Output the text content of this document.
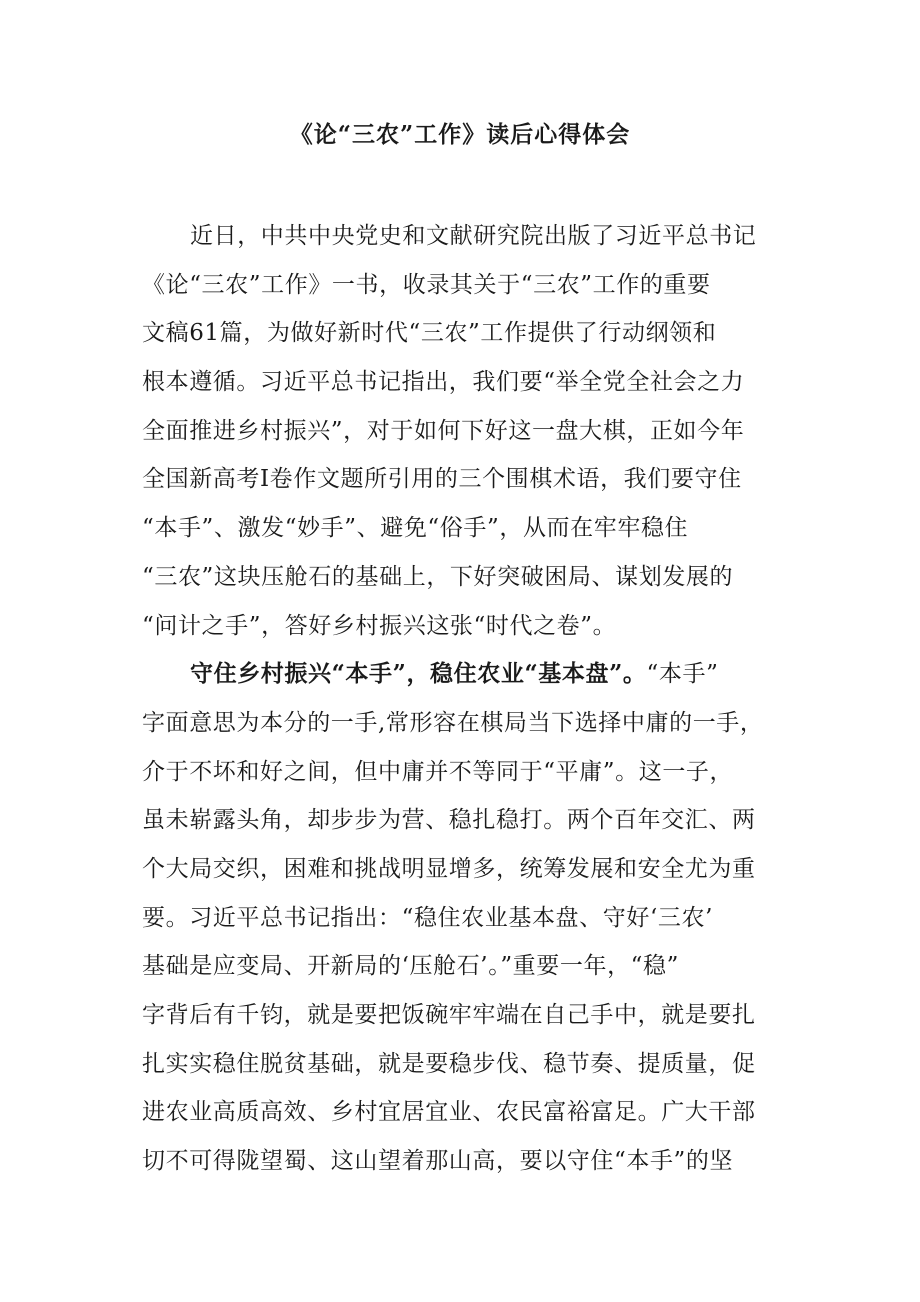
《论“三农”工作》读后心得体会
近日，中共中央党史和文献研究院出版了习近平总书记
《论“三农”工作》一书，收录其关于“三农”工作的重要
文稿61篇，为做好新时代“三农”工作提供了行动纲领和
根本遵循。习近平总书记指出，我们要“举全党全社会之力
全面推进乡村振兴”，对于如何下好这一盘大棋，正如今年
全国新高考Ⅰ卷作文题所引用的三个围棋术语，我们要守住
“本手”、激发“妙手”、避免“俗手”，从而在牢牢稳住
“三农”这块压舱石的基础上，下好突破困局、谋划发展的
“问计之手”，答好乡村振兴这张“时代之卷”。
守住乡村振兴“本手”，稳住农业“基本盘”。“本手”
字面意思为本分的一手,常形容在棋局当下选择中庸的一手，
介于不坏和好之间，但中庸并不等同于“平庸”。这一子，
虽未崭露头角，却步步为营、稳扎稳打。两个百年交汇、两
个大局交织，困难和挑战明显增多，统筹发展和安全尤为重
要。习近平总书记指出：“稳住农业基本盘、守好‘三农’
基础是应变局、开新局的‘压舱石’。”重要一年，“稳”
字背后有千钧，就是要把饭碗牢牢端在自己手中，就是要扎
扎实实稳住脱贫基础，就是要稳步伐、稳节奏、提质量，促
进农业高质高效、乡村宜居宜业、农民富裕富足。广大干部
切不可得陇望蜀、这山望着那山高，要以守住“本手”的坚
